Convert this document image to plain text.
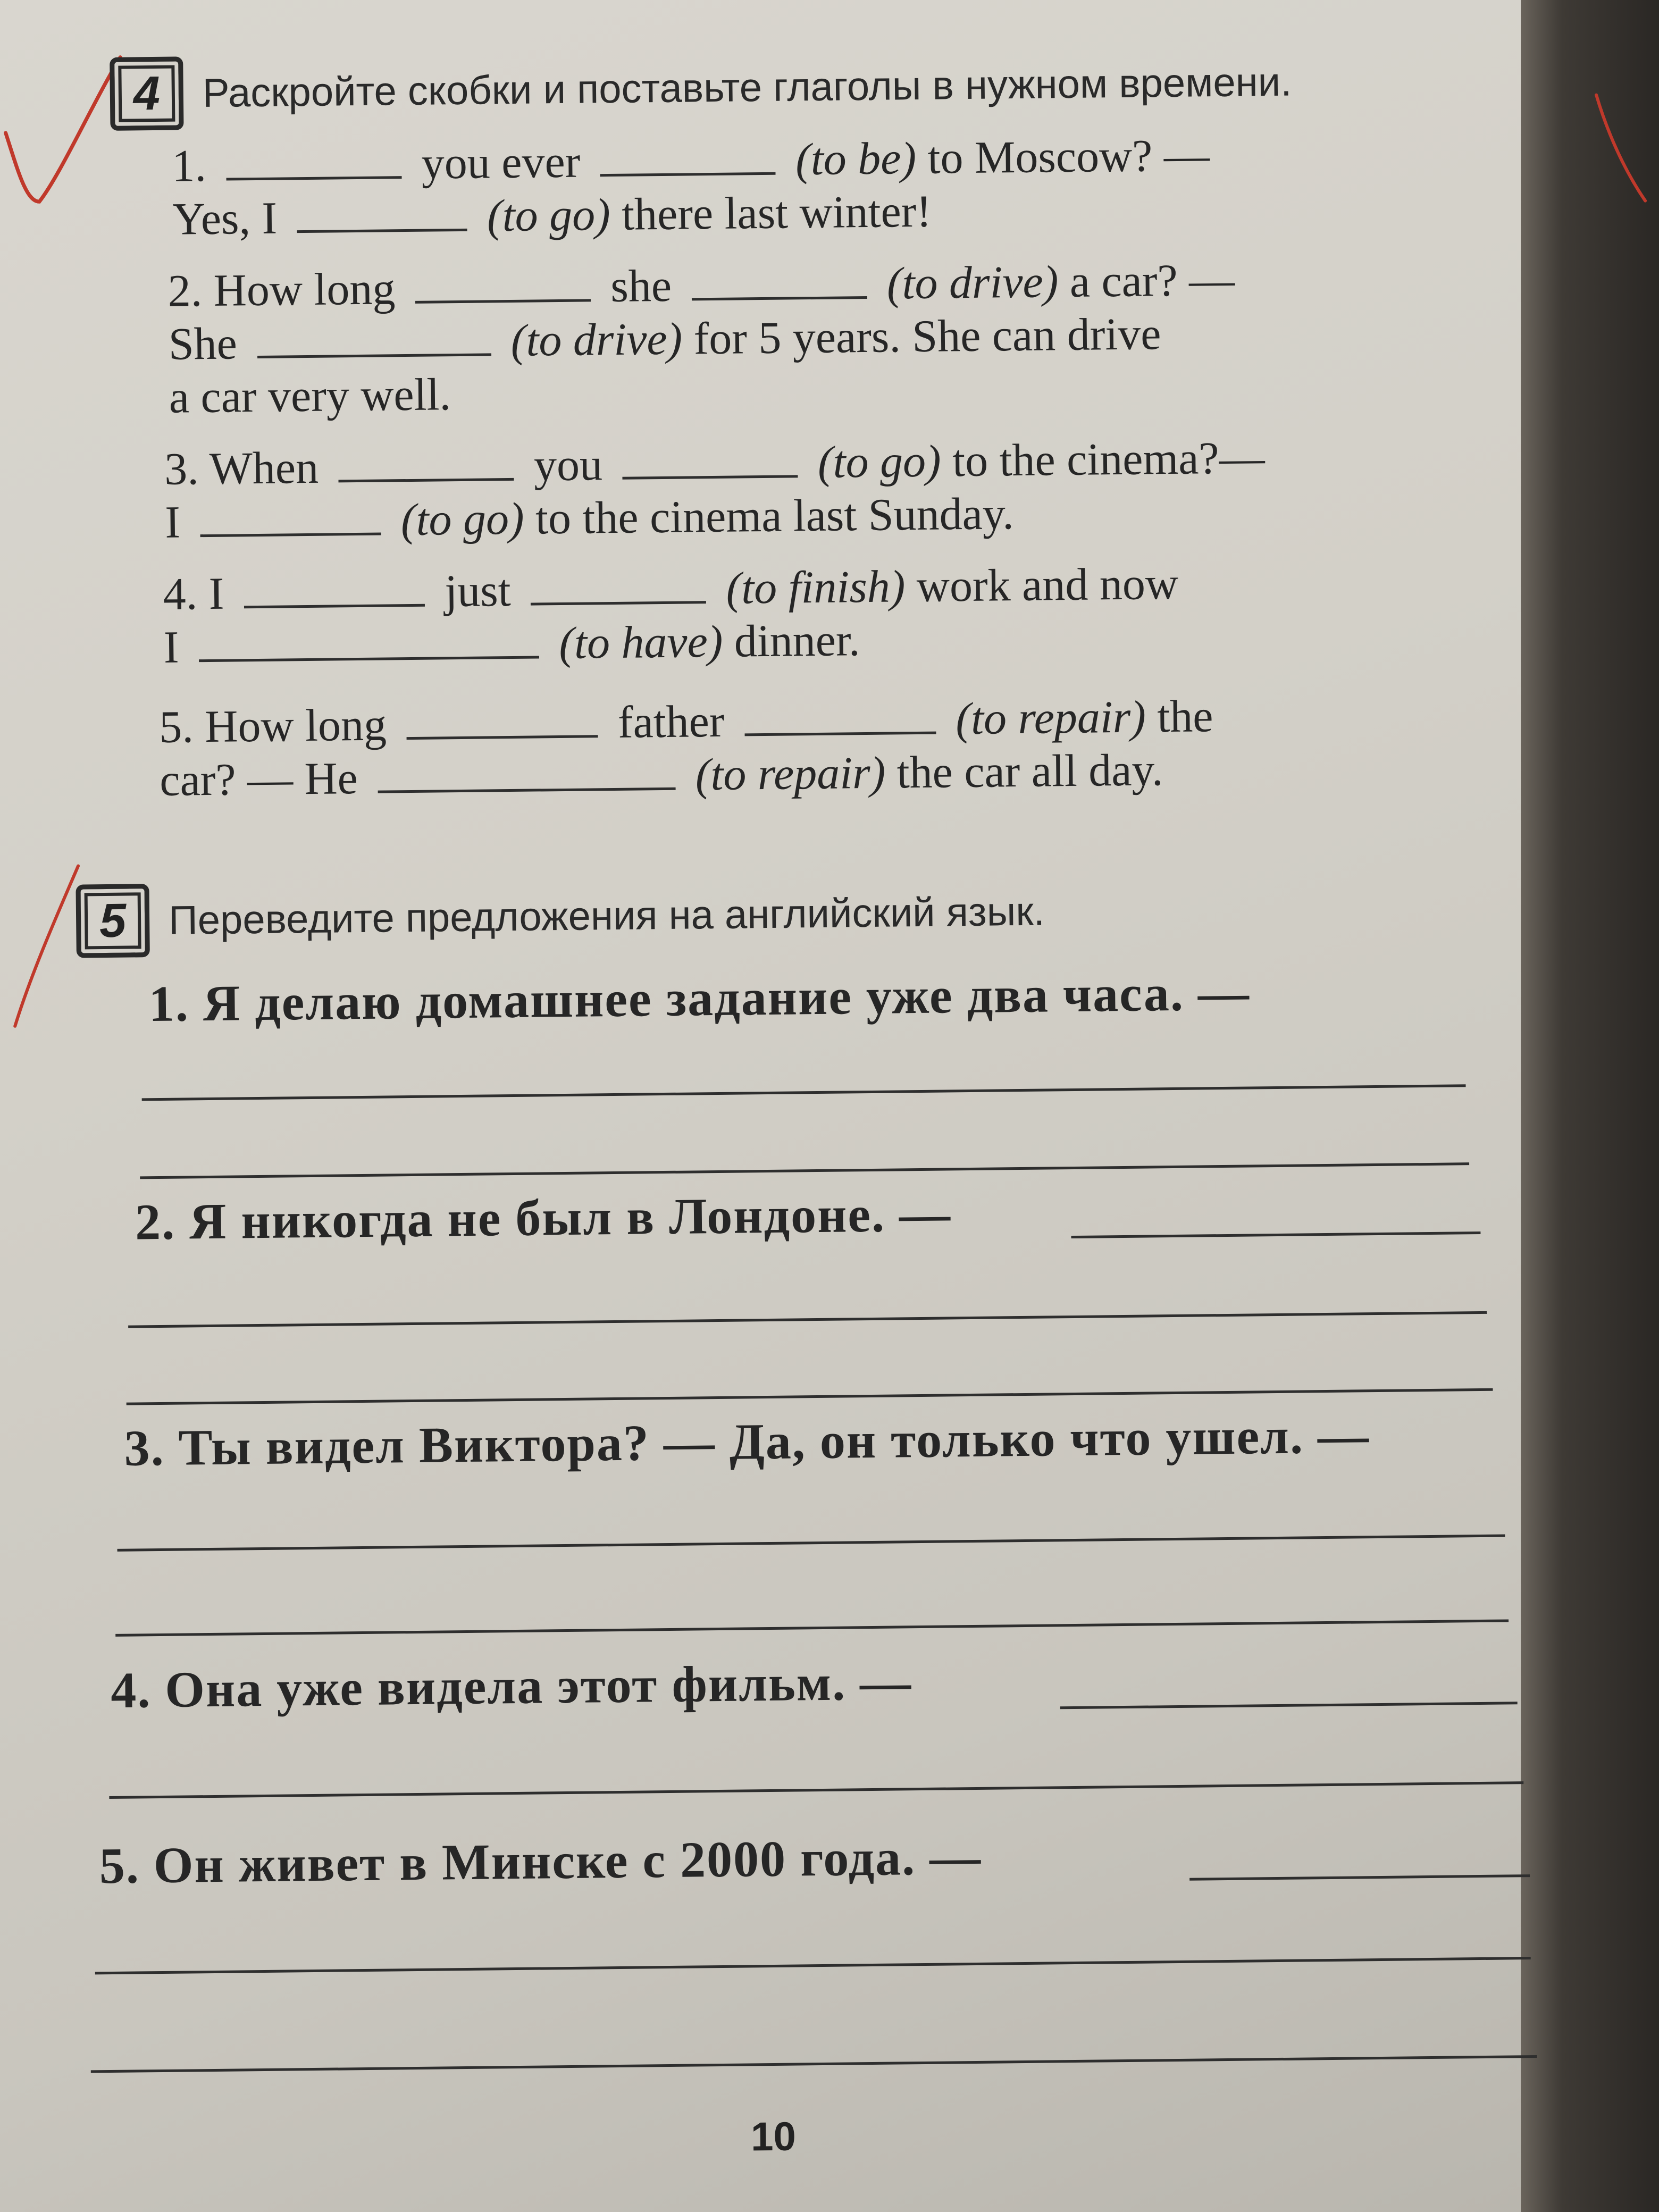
4	Раскройте скобки и поставьте глаголы в нужном времени.
1.	you ever	(to be) to Moscow? —
Yes, I	(to go) there last winter!
2. How long	she	(to drive) a car? —
She	(to drive) for 5 years. She can drive
a car very well.
3. When	you	(to go) to the cinema?—
I	(to go) to the cinema last Sunday.
4. I	just	(to finish) work and now
I	(to have) dinner.
5. How long	father	(to repair) the
car? — He	(to repair) the car all day.
5	Переведите предложения на английский язык.
1. Я делаю домашнее задание уже два часа. —
2. Я никогда не был в Лондоне. —
3. Ты видел Виктора? — Да, он только что ушел. —
4. Она уже видела этот фильм. —
5. Он живет в Минске с 2000 года. —
10
